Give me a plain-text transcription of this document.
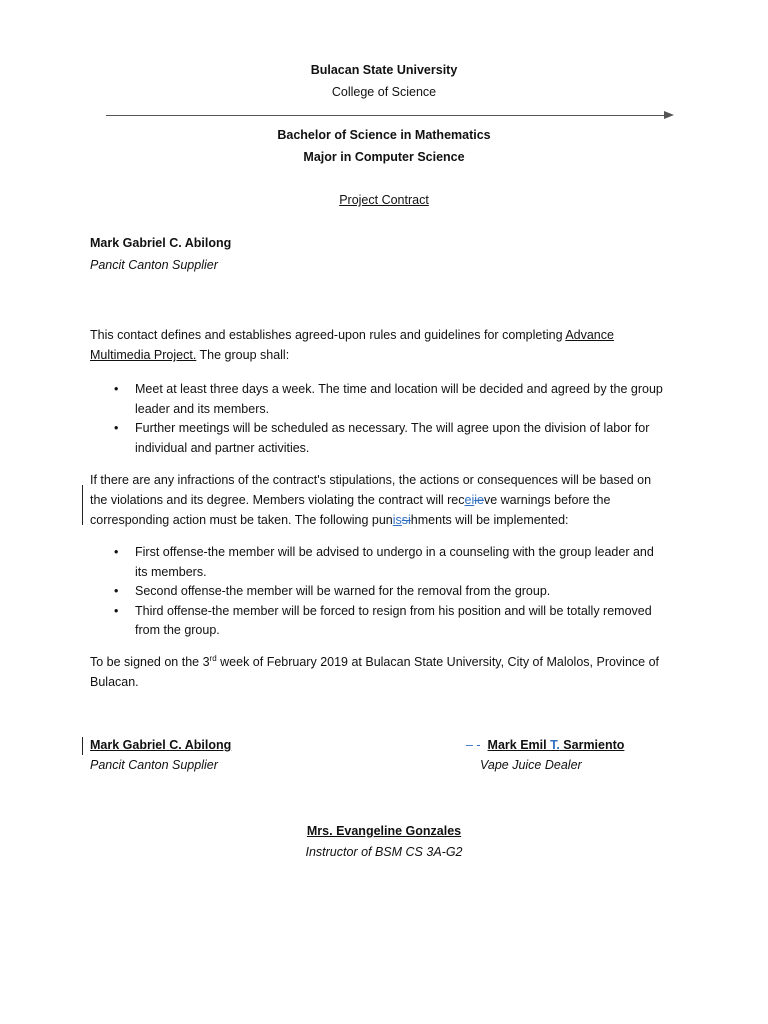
Bulacan State University
College of Science
Bachelor of Science in Mathematics
Major in Computer Science
Project Contract
Mark Gabriel C. Abilong
Pancit Canton Supplier
This contact defines and establishes agreed-upon rules and guidelines for completing Advance
Multimedia Project. The group shall:
• Meet at least three days a week. The time and location will be decided and agreed by the group
leader and its members.
• Further meetings will be scheduled as necessary. The will agree upon the division of labor for
individual and partner activities.
If there are any infractions of the contract's stipulations, the actions or consequences will be based on
the violations and its degree. Members violating the contract will receiieve warnings before the
corresponding action must be taken. The following punissihments will be implemented:
• First offense-the member will be advised to undergo in a counseling with the group leader and
its members.
• Second offense-the member will be warned for the removal from the group.
• Third offense-the member will be forced to resign from his position and will be totally removed
from the group.
To be signed on the 3rd week of February 2019 at Bulacan State University, City of Malolos, Province of
Bulacan.
Mark Gabriel C. Abilong
Pancit Canton Supplier
– - Mark Emil T. Sarmiento
Vape Juice Dealer
Mrs. Evangeline Gonzales
Instructor of BSM CS 3A-G2
